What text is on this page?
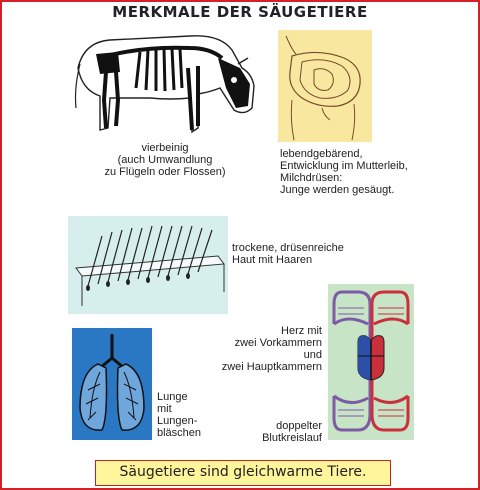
MERKMALE DER SÄUGETIERE
vierbeinig
(auch Umwandlung
zu Flügeln oder Flossen)
lebendgebärend,
Entwicklung im Mutterleib,
Milchdrüsen:
Junge werden gesäugt.
trockene, drüsenreiche
Haut mit Haaren
Lunge
mit
Lungen-
bläschen
Herz mit
zwei Vorkammern
und
zwei Hauptkammern
doppelter
Blutkreislauf
Säugetiere sind gleichwarme Tiere.
